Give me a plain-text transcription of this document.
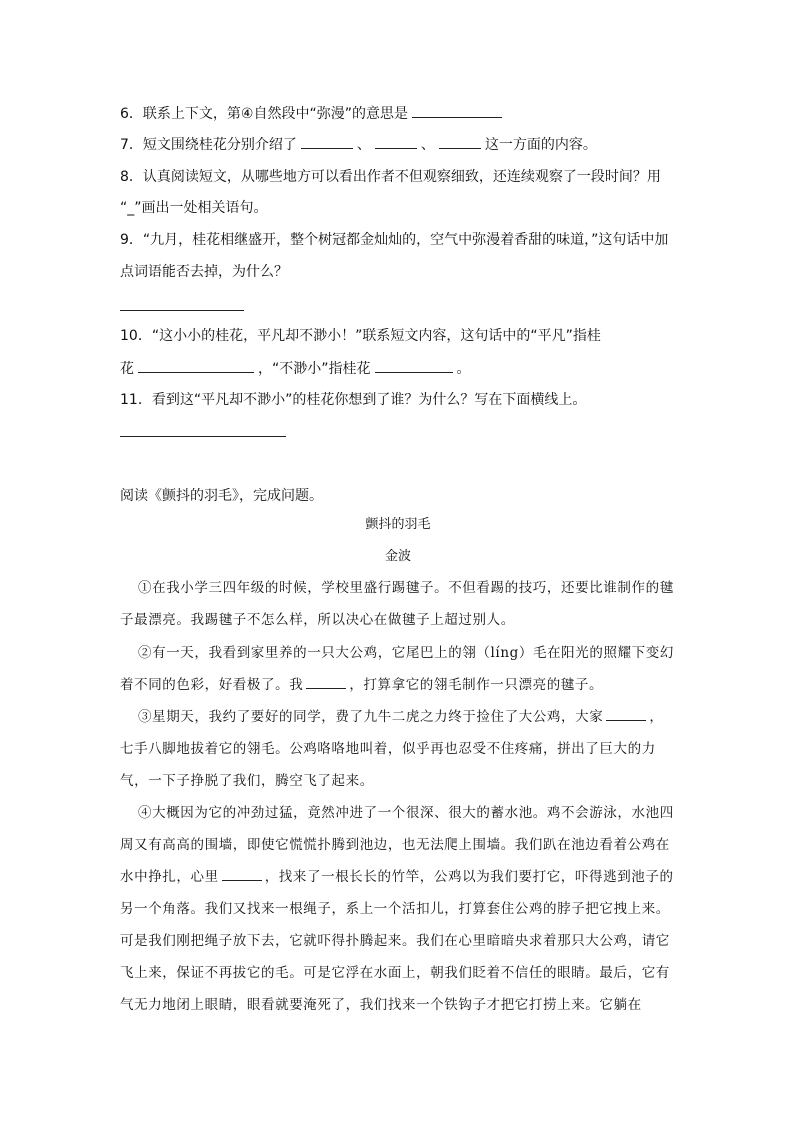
6．联系上下文，第④自然段中“弥漫”的意思是
7．短文围绕桂花分别介绍了	、	、	这一方面的内容。
8．认真阅读短文，从哪些地方可以看出作者不但观察细致，还连续观察了一段时间？用
“_”画出一处相关语句。
9．“九月，桂花相继盛开，整个树冠都金灿灿的，空气中弥漫着香甜的味道，”这句话中加
点词语能否去掉，为什么？
10．“这小小的桂花，平凡却不渺小！”联系短文内容，这句话中的“平凡”指桂
花	，“不渺小”指桂花	。
11．看到这“平凡却不渺小”的桂花你想到了谁？为什么？写在下面横线上。
阅读《颤抖的羽毛》，完成问题。
颤抖的羽毛
金波
①在我小学三四年级的时候，学校里盛行踢毽子。不但看踢的技巧，还要比谁制作的毽子最漂亮。我踢毽子不怎么样，所以决心在做毽子上超过别人。
②有一天，我看到家里养的一只大公鸡，它尾巴上的翎（líng）毛在阳光的照耀下变幻着不同的色彩，好看极了。我	，打算拿它的翎毛制作一只漂亮的毽子。
③星期天，我约了要好的同学，费了九牛二虎之力终于捡住了大公鸡，大家	，七手八脚地拔着它的翎毛。公鸡咯咯地叫着，似乎再也忍受不住疼痛，拼出了巨大的力气，一下子挣脱了我们，腾空飞了起来。
④大概因为它的冲劲过猛，竟然冲进了一个很深、很大的蓄水池。鸡不会游泳，水池四周又有高高的围墙，即使它慌慌扑腾到池边，也无法爬上围墙。我们趴在池边看着公鸡在水中挣扎，心里	，找来了一根长长的竹竿，公鸡以为我们要打它，吓得逃到池子的另一个角落。我们又找来一根绳子，系上一个活扣儿，打算套住公鸡的脖子把它拽上来。可是我们刚把绳子放下去，它就吓得扑腾起来。我们在心里暗暗央求着那只大公鸡，请它飞上来，保证不再拔它的毛。可是它浮在水面上，朝我们眨着不信任的眼睛。最后，它有气无力地闭上眼睛，眼看就要淹死了，我们找来一个铁钩子才把它打捞上来。它躺在
